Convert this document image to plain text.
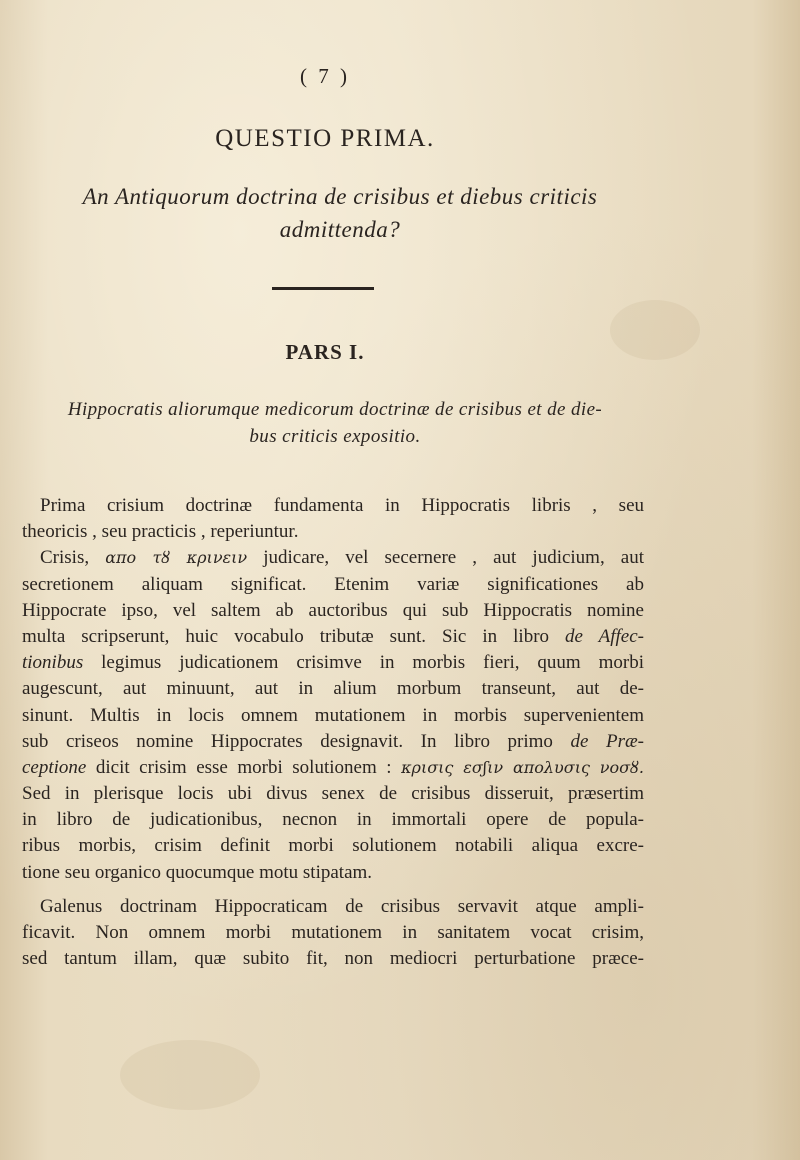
( 7 )
QUESTIO PRIMA.
An Antiquorum doctrina de crisibus et diebus criticis
admittenda?
PARS I.
Hippocratis aliorumque medicorum doctrinæ de crisibus et de die-
bus criticis expositio.
Prima crisium doctrinæ fundamenta in Hippocratis libris , seu
theoricis , seu practicis , reperiuntur.
Crisis, απο τȣ κρινειν judicare, vel secernere , aut judicium, aut
secretionem aliquam significat. Etenim variæ significationes ab
Hippocrate ipso, vel saltem ab auctoribus qui sub Hippocratis nomine
multa scripserunt, huic vocabulo tributæ sunt. Sic in libro de Affec-
tionibus legimus judicationem crisimve in morbis fieri, quum morbi
augescunt, aut minuunt, aut in alium morbum transeunt, aut de-
sinunt. Multis in locis omnem mutationem in morbis supervenientem
sub criseos nomine Hippocrates designavit. In libro primo de Præ-
ceptione dicit crisim esse morbi solutionem : κρισις εσʃιν απολυσις νοσȣ.
Sed in plerisque locis ubi divus senex de crisibus disseruit, præsertim
in libro de judicationibus, necnon in immortali opere de popula-
ribus morbis, crisim definit morbi solutionem notabili aliqua excre-
tione seu organico quocumque motu stipatam.
Galenus doctrinam Hippocraticam de crisibus servavit atque ampli-
ficavit. Non omnem morbi mutationem in sanitatem vocat crisim,
sed tantum illam, quæ subito fit, non mediocri perturbatione præce-
